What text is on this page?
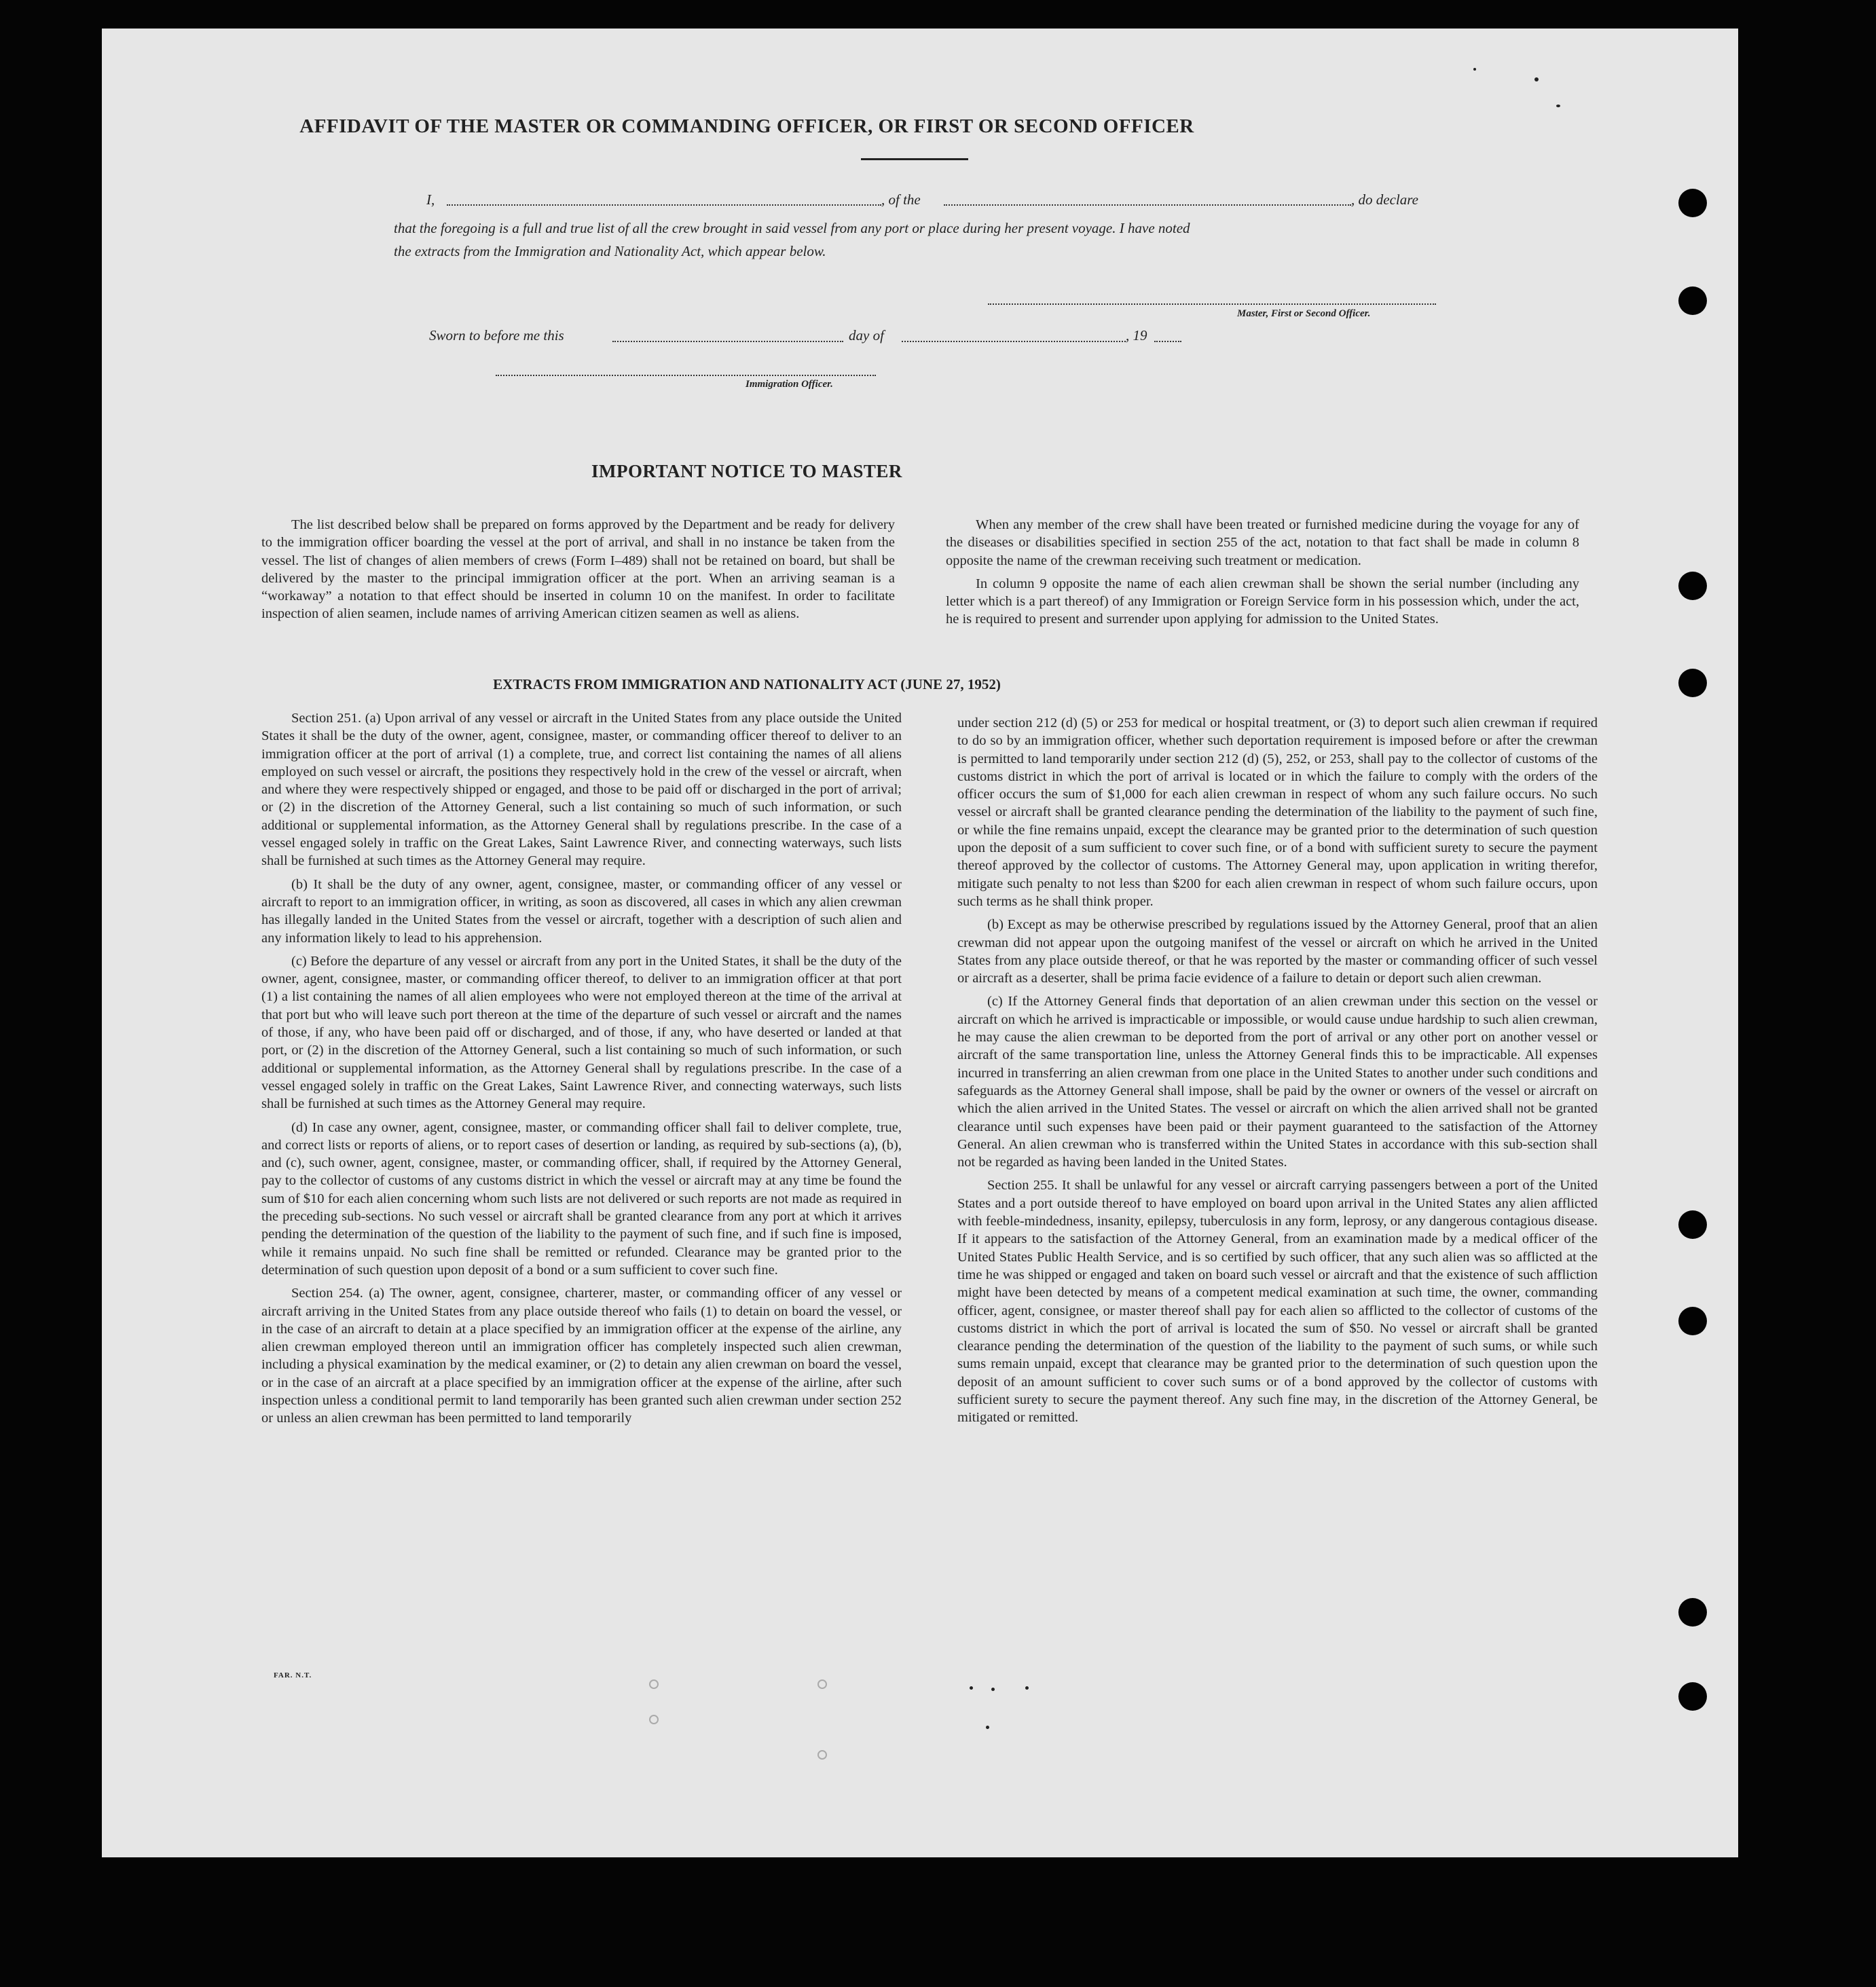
AFFIDAVIT OF THE MASTER OR COMMANDING OFFICER, OR FIRST OR SECOND OFFICER
I,	, of the	, do declare
that the foregoing is a full and true list of all the crew brought in said vessel from any port or place during her present voyage. I have noted
the extracts from the Immigration and Nationality Act, which appear below.
Master, First or Second Officer.
Sworn to before me this	day of	, 19
Immigration Officer.
IMPORTANT NOTICE TO MASTER

The list described below shall be prepared on forms approved by the Department and be ready for delivery to the immigration officer boarding the vessel at the port of arrival, and shall in no instance be taken from the vessel. The list of changes of alien members of crews (Form I–489) shall not be retained on board, but shall be delivered by the master to the principal immigration officer at the port. When an arriving seaman is a “workaway” a notation to that effect should be inserted in column 10 on the manifest. In order to facilitate inspection of alien seamen, include names of arriving American citizen seamen as well as aliens.

When any member of the crew shall have been treated or furnished medicine during the voyage for any of the diseases or disabilities specified in section 255 of the act, notation to that fact shall be made in column 8 opposite the name of the crewman receiving such treatment or medication.

In column 9 opposite the name of each alien crewman shall be shown the serial number (including any letter which is a part thereof) of any Immigration or Foreign Service form in his possession which, under the act, he is required to present and surrender upon applying for admission to the United States.

EXTRACTS FROM IMMIGRATION AND NATIONALITY ACT (JUNE 27, 1952)

Section 251. (a) Upon arrival of any vessel or aircraft in the United States from any place outside the United States it shall be the duty of the owner, agent, consignee, master, or commanding officer thereof to deliver to an immigration officer at the port of arrival (1) a complete, true, and correct list containing the names of all aliens employed on such vessel or aircraft, the positions they respectively hold in the crew of the vessel or aircraft, when and where they were respectively shipped or engaged, and those to be paid off or discharged in the port of arrival; or (2) in the discretion of the Attorney General, such a list containing so much of such information, or such additional or supplemental information, as the Attorney General shall by regulations prescribe. In the case of a vessel engaged solely in traffic on the Great Lakes, Saint Lawrence River, and connecting waterways, such lists shall be furnished at such times as the Attorney General may require.

(b) It shall be the duty of any owner, agent, consignee, master, or commanding officer of any vessel or aircraft to report to an immigration officer, in writing, as soon as discovered, all cases in which any alien crewman has illegally landed in the United States from the vessel or aircraft, together with a description of such alien and any information likely to lead to his apprehension.

(c) Before the departure of any vessel or aircraft from any port in the United States, it shall be the duty of the owner, agent, consignee, master, or commanding officer thereof, to deliver to an immigration officer at that port (1) a list containing the names of all alien employees who were not employed thereon at the time of the arrival at that port but who will leave such port thereon at the time of the departure of such vessel or aircraft and the names of those, if any, who have been paid off or discharged, and of those, if any, who have deserted or landed at that port, or (2) in the discretion of the Attorney General, such a list containing so much of such information, or such additional or supplemental information, as the Attorney General shall by regulations prescribe. In the case of a vessel engaged solely in traffic on the Great Lakes, Saint Lawrence River, and connecting waterways, such lists shall be furnished at such times as the Attorney General may require.

(d) In case any owner, agent, consignee, master, or commanding officer shall fail to deliver complete, true, and correct lists or reports of aliens, or to report cases of desertion or landing, as required by sub-sections (a), (b), and (c), such owner, agent, consignee, master, or commanding officer, shall, if required by the Attorney General, pay to the collector of customs of any customs district in which the vessel or aircraft may at any time be found the sum of $10 for each alien concerning whom such lists are not delivered or such reports are not made as required in the preceding sub-sections. No such vessel or aircraft shall be granted clearance from any port at which it arrives pending the determination of the question of the liability to the payment of such fine, and if such fine is imposed, while it remains unpaid. No such fine shall be remitted or refunded. Clearance may be granted prior to the determination of such question upon deposit of a bond or a sum sufficient to cover such fine.

Section 254. (a) The owner, agent, consignee, charterer, master, or commanding officer of any vessel or aircraft arriving in the United States from any place outside thereof who fails (1) to detain on board the vessel, or in the case of an aircraft to detain at a place specified by an immigration officer at the expense of the airline, any alien crewman employed thereon until an immigration officer has completely inspected such alien crewman, including a physical examination by the medical examiner, or (2) to detain any alien crewman on board the vessel, or in the case of an aircraft at a place specified by an immigration officer at the expense of the airline, after such inspection unless a conditional permit to land temporarily has been granted such alien crewman under section 252 or unless an alien crewman has been permitted to land temporarily

under section 212 (d) (5) or 253 for medical or hospital treatment, or (3) to deport such alien crewman if required to do so by an immigration officer, whether such deportation requirement is imposed before or after the crewman is permitted to land temporarily under section 212 (d) (5), 252, or 253, shall pay to the collector of customs of the customs district in which the port of arrival is located or in which the failure to comply with the orders of the officer occurs the sum of $1,000 for each alien crewman in respect of whom any such failure occurs. No such vessel or aircraft shall be granted clearance pending the determination of the liability to the payment of such fine, or while the fine remains unpaid, except the clearance may be granted prior to the determination of such question upon the deposit of a sum sufficient to cover such fine, or of a bond with sufficient surety to secure the payment thereof approved by the collector of customs. The Attorney General may, upon application in writing therefor, mitigate such penalty to not less than $200 for each alien crewman in respect of whom such failure occurs, upon such terms as he shall think proper.

(b) Except as may be otherwise prescribed by regulations issued by the Attorney General, proof that an alien crewman did not appear upon the outgoing manifest of the vessel or aircraft on which he arrived in the United States from any place outside thereof, or that he was reported by the master or commanding officer of such vessel or aircraft as a deserter, shall be prima facie evidence of a failure to detain or deport such alien crewman.

(c) If the Attorney General finds that deportation of an alien crewman under this section on the vessel or aircraft on which he arrived is impracticable or impossible, or would cause undue hardship to such alien crewman, he may cause the alien crewman to be deported from the port of arrival or any other port on another vessel or aircraft of the same transportation line, unless the Attorney General finds this to be impracticable. All expenses incurred in transferring an alien crewman from one place in the United States to another under such conditions and safeguards as the Attorney General shall impose, shall be paid by the owner or owners of the vessel or aircraft on which the alien arrived in the United States. The vessel or aircraft on which the alien arrived shall not be granted clearance until such expenses have been paid or their payment guaranteed to the satisfaction of the Attorney General. An alien crewman who is transferred within the United States in accordance with this sub-section shall not be regarded as having been landed in the United States.

Section 255. It shall be unlawful for any vessel or aircraft carrying passengers between a port of the United States and a port outside thereof to have employed on board upon arrival in the United States any alien afflicted with feeble-mindedness, insanity, epilepsy, tuberculosis in any form, leprosy, or any dangerous contagious disease. If it appears to the satisfaction of the Attorney General, from an examination made by a medical officer of the United States Public Health Service, and is so certified by such officer, that any such alien was so afflicted at the time he was shipped or engaged and taken on board such vessel or aircraft and that the existence of such affliction might have been detected by means of a competent medical examination at such time, the owner, commanding officer, agent, consignee, or master thereof shall pay for each alien so afflicted to the collector of customs of the customs district in which the port of arrival is located the sum of $50. No vessel or aircraft shall be granted clearance pending the determination of the question of the liability to the payment of such sums, or while such sums remain unpaid, except that clearance may be granted prior to the determination of such question upon the deposit of an amount sufficient to cover such sums or of a bond approved by the collector of customs with sufficient surety to secure the payment thereof. Any such fine may, in the discretion of the Attorney General, be mitigated or remitted.

FAR. N.T.
